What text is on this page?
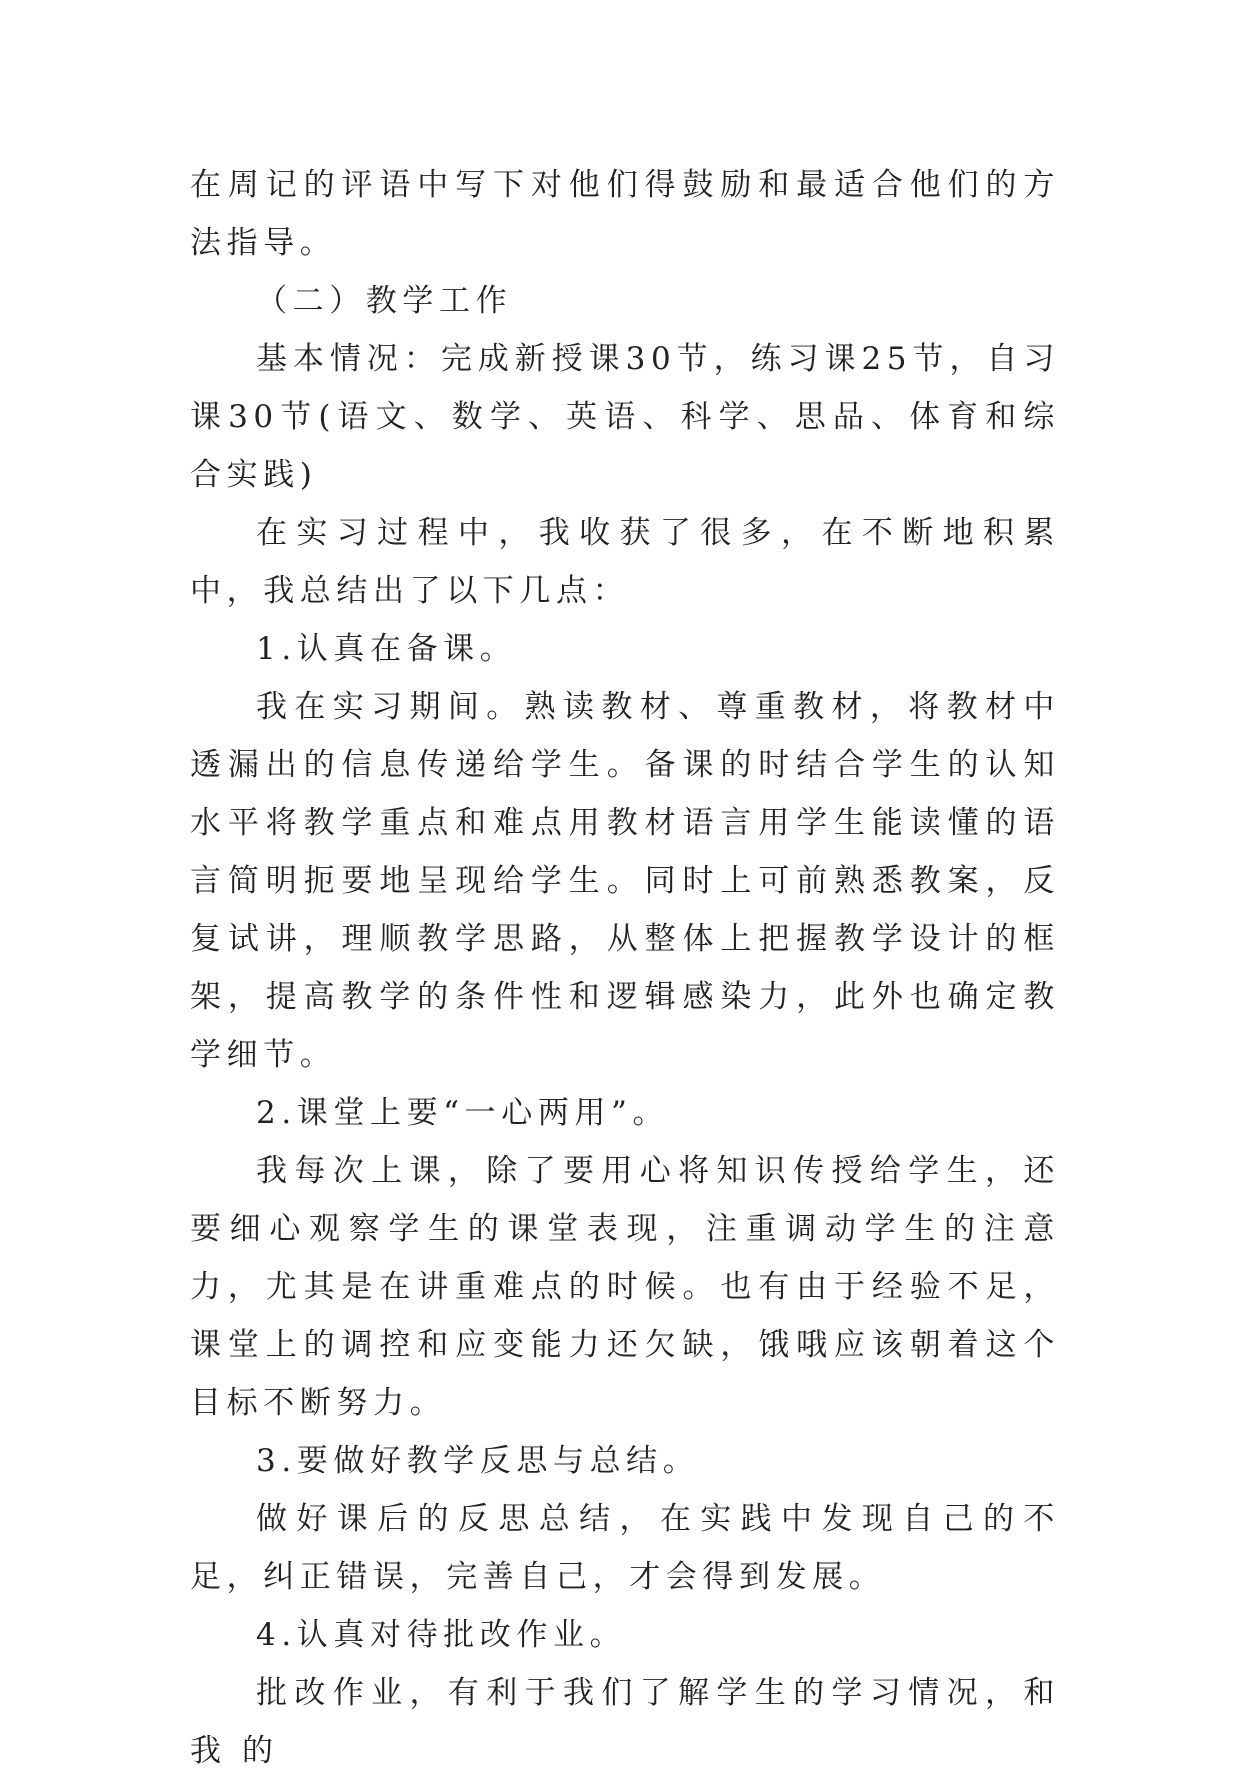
在周记的评语中写下对他们得鼓励和最适合他们的方法指导。

（二）教学工作

基本情况：完成新授课30节，练习课25节，自习课30节(语文、数学、英语、科学、思品、体育和综合实践)

在实习过程中，我收获了很多，在不断地积累中，我总结出了以下几点：

1.认真在备课。

我在实习期间。熟读教材、尊重教材，将教材中透漏出的信息传递给学生。备课的时结合学生的认知水平将教学重点和难点用教材语言用学生能读懂的语言简明扼要地呈现给学生。同时上可前熟悉教案，反复试讲，理顺教学思路，从整体上把握教学设计的框架，提高教学的条件性和逻辑感染力，此外也确定教学细节。

2.课堂上要“一心两用”。

我每次上课，除了要用心将知识传授给学生，还要细心观察学生的课堂表现，注重调动学生的注意力，尤其是在讲重难点的时候。也有由于经验不足，课堂上的调控和应变能力还欠缺，饿哦应该朝着这个目标不断努力。

3.要做好教学反思与总结。

做好课后的反思总结，在实践中发现自己的不足，纠正错误，完善自己，才会得到发展。

4.认真对待批改作业。

批改作业，有利于我们了解学生的学习情况，和我 的
